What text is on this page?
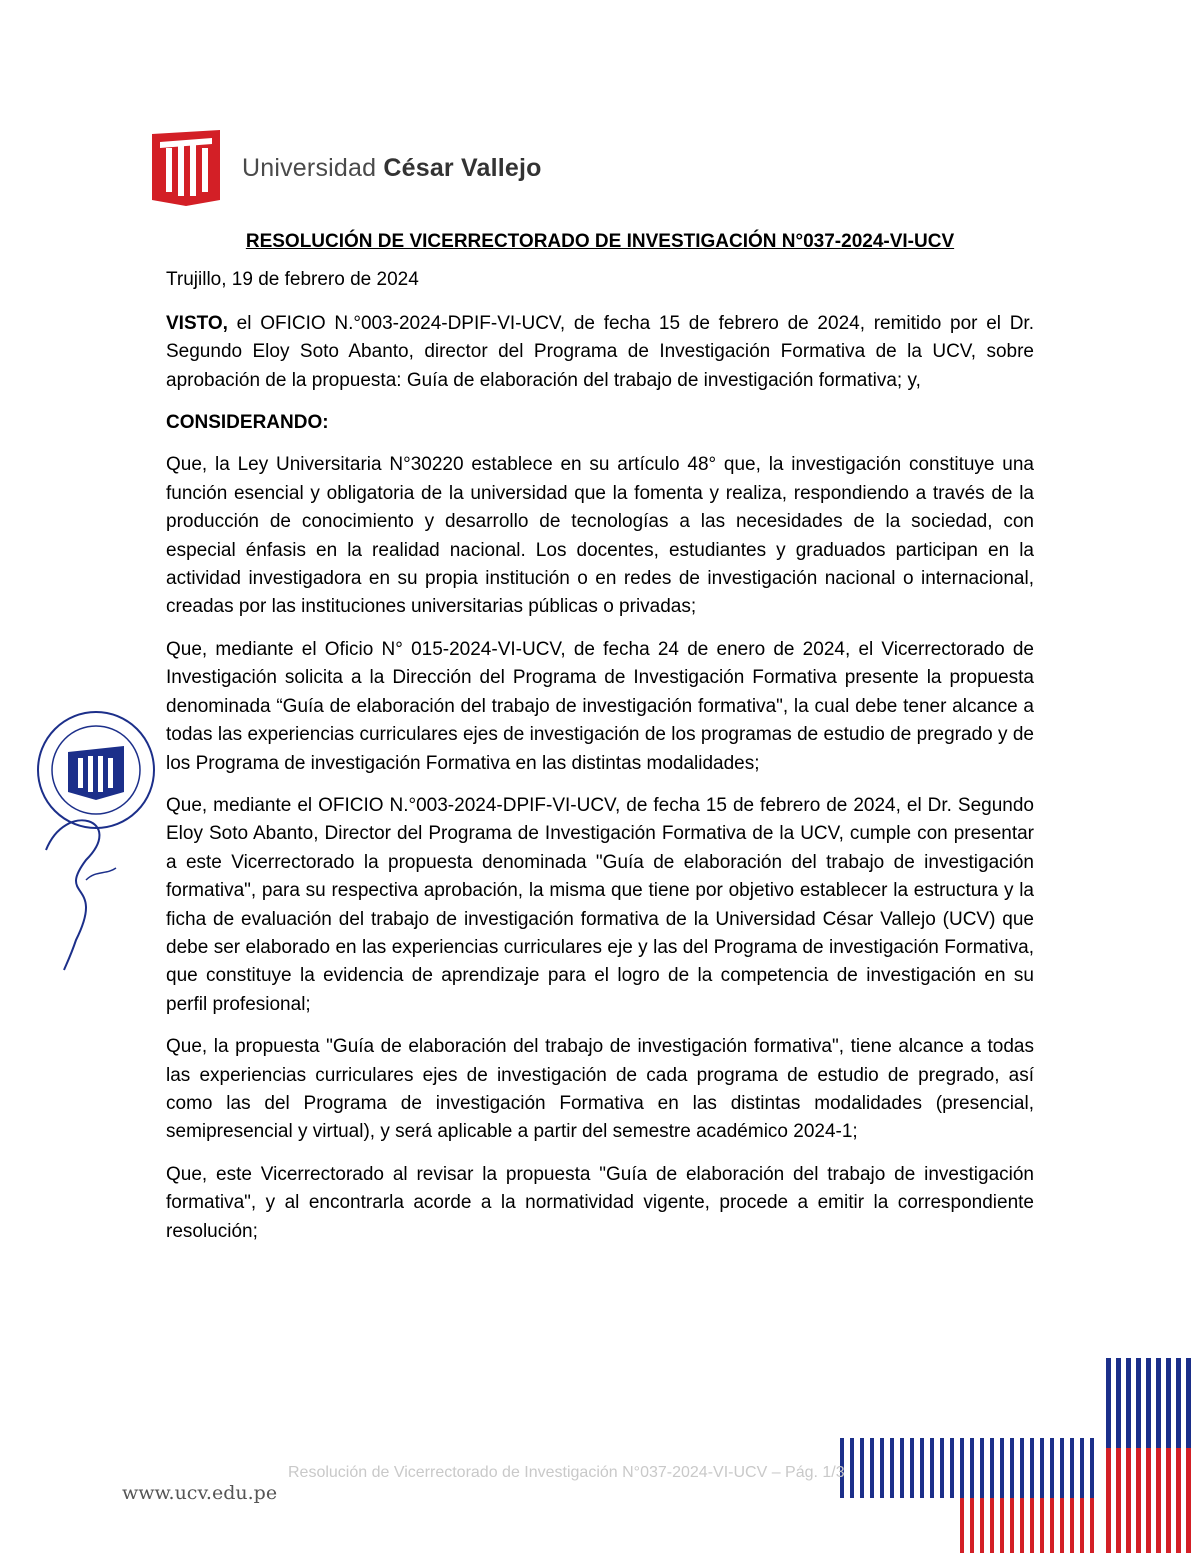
Universidad César Vallejo
RESOLUCIÓN DE VICERRECTORADO DE INVESTIGACIÓN N°037-2024-VI-UCV
Trujillo, 19 de febrero de 2024

VISTO, el OFICIO N.°003-2024-DPIF-VI-UCV, de fecha 15 de febrero de 2024, remitido por el Dr. Segundo Eloy Soto Abanto, director del Programa de Investigación Formativa de la UCV, sobre aprobación de la propuesta: Guía de elaboración del trabajo de investigación formativa; y,

CONSIDERANDO:

Que, la Ley Universitaria N°30220 establece en su artículo 48° que, la investigación constituye una función esencial y obligatoria de la universidad que la fomenta y realiza, respondiendo a través de la producción de conocimiento y desarrollo de tecnologías a las necesidades de la sociedad, con especial énfasis en la realidad nacional. Los docentes, estudiantes y graduados participan en la actividad investigadora en su propia institución o en redes de investigación nacional o internacional, creadas por las instituciones universitarias públicas o privadas;

Que, mediante el Oficio N° 015-2024-VI-UCV, de fecha 24 de enero de 2024, el Vicerrectorado de Investigación solicita a la Dirección del Programa de Investigación Formativa presente la propuesta denominada “Guía de elaboración del trabajo de investigación formativa", la cual debe tener alcance a todas las experiencias curriculares ejes de investigación de los programas de estudio de pregrado y de los Programa de investigación Formativa en las distintas modalidades;

Que, mediante el OFICIO N.°003-2024-DPIF-VI-UCV, de fecha 15 de febrero de 2024, el Dr. Segundo Eloy Soto Abanto, Director del Programa de Investigación Formativa de la UCV, cumple con presentar a este Vicerrectorado la propuesta denominada "Guía de elaboración del trabajo de investigación formativa", para su respectiva aprobación, la misma que tiene por objetivo establecer la estructura y la ficha de evaluación del trabajo de investigación formativa de la Universidad César Vallejo (UCV) que debe ser elaborado en las experiencias curriculares eje y las del Programa de investigación Formativa, que constituye la evidencia de aprendizaje para el logro de la competencia de investigación en su perfil profesional;

Que, la propuesta "Guía de elaboración del trabajo de investigación formativa", tiene alcance a todas las experiencias curriculares ejes de investigación de cada programa de estudio de pregrado, así como las del Programa de investigación Formativa en las distintas modalidades (presencial, semipresencial y virtual), y será aplicable a partir del semestre académico 2024-1;

Que, este Vicerrectorado al revisar la propuesta "Guía de elaboración del trabajo de investigación formativa", y al encontrarla acorde a la normatividad vigente, procede a emitir la correspondiente resolución;

Resolución de Vicerrectorado de Investigación N°037-2024-VI-UCV – Pág. 1/3
www.ucv.edu.pe
